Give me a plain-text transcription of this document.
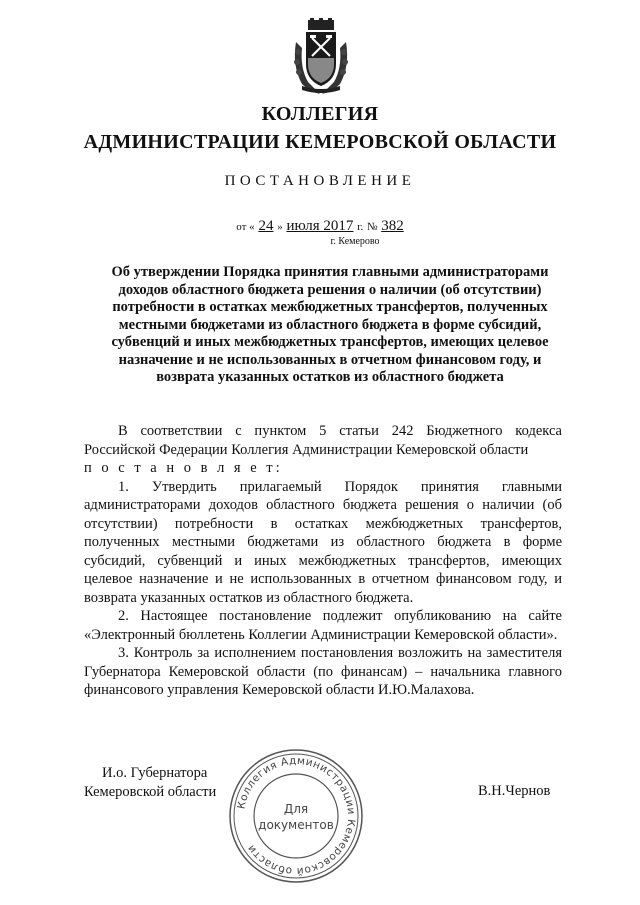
КОЛЛЕГИЯ
АДМИНИСТРАЦИИ КЕМЕРОВСКОЙ ОБЛАСТИ
ПОСТАНОВЛЕНИЕ
от « 24 » июля 2017 г. № 382
г. Кемерово
Об утверждении Порядка принятия главными администраторами доходов областного бюджета решения о наличии (об отсутствии) потребности в остатках межбюджетных трансфертов, полученных местными бюджетами из областного бюджета в форме субсидий, субвенций и иных межбюджетных трансфертов, имеющих целевое назначение и не использованных в отчетном финансовом году, и возврата указанных остатков из областного бюджета

В соответствии с пунктом 5 статьи 242 Бюджетного кодекса Российской Федерации Коллегия Администрации Кемеровской области

п о с т а н о в л я е т:

1. Утвердить прилагаемый Порядок принятия главными администраторами доходов областного бюджета решения о наличии (об отсутствии) потребности в остатках межбюджетных трансфертов, полученных местными бюджетами из областного бюджета в форме субсидий, субвенций и иных межбюджетных трансфертов, имеющих целевое назначение и не использованных в отчетном финансовом году, и возврата указанных остатков из областного бюджета.

2. Настоящее постановление подлежит опубликованию на сайте «Электронный бюллетень Коллегии Администрации Кемеровской области».

3. Контроль за исполнением постановления возложить на заместителя Губернатора Кемеровской области (по финансам) – начальника главного финансового управления Кемеровской области И.Ю.Малахова.

И.о. Губернатора
Кемеровской области	В.Н.Чернов
Коллегия Администрации Кемеровской области
Для
документов
